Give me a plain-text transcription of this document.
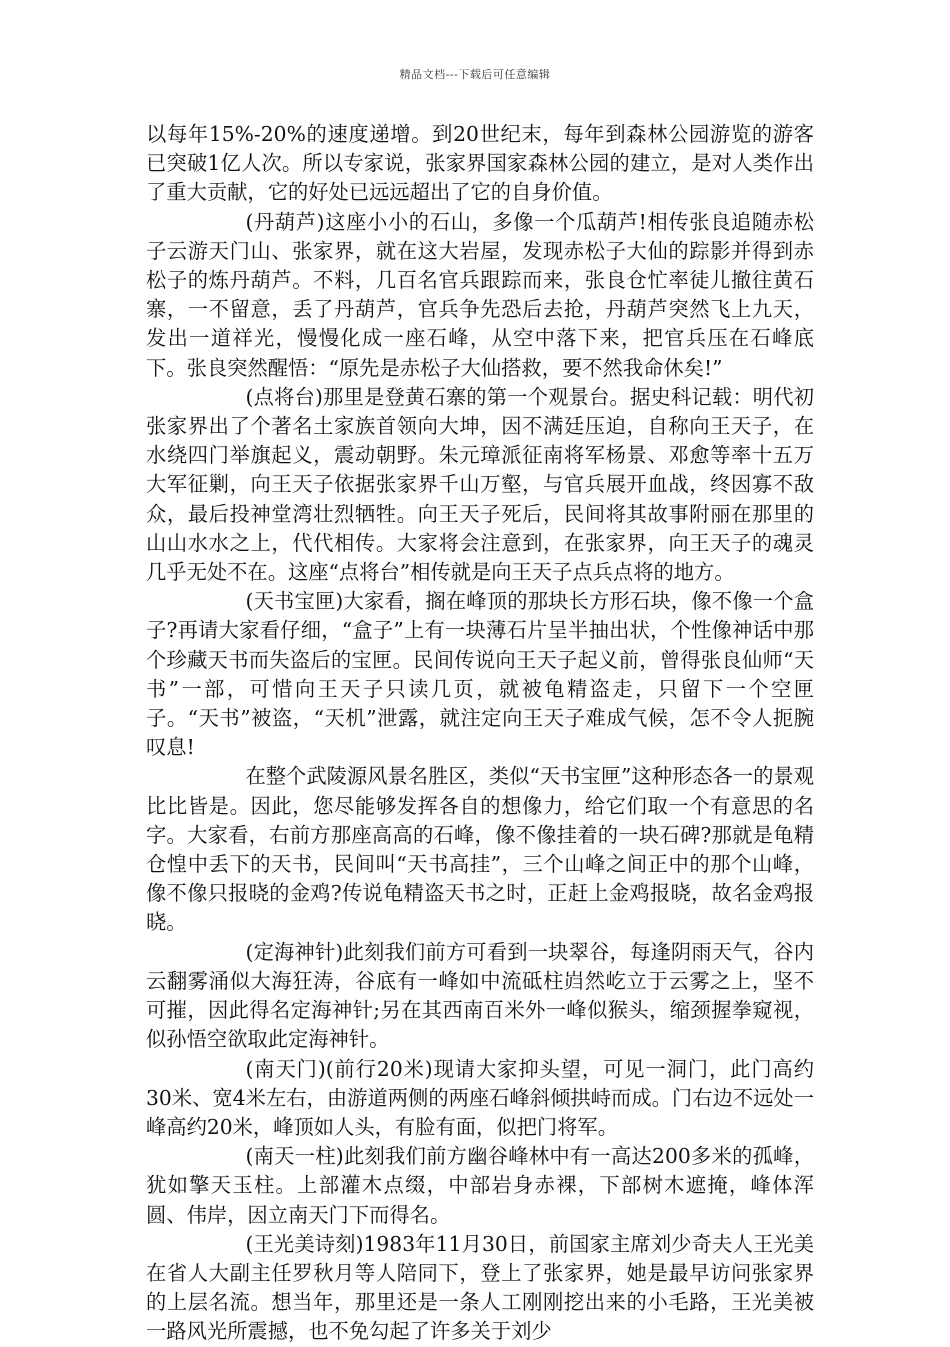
精品文档---下载后可任意编辑

以每年15%-20%的速度递增。到20世纪末，每年到森林公园游览的游客已突破1亿人次。所以专家说，张家界国家森林公园的建立，是对人类作出了重大贡献，它的好处已远远超出了它的自身价值。

(丹葫芦)这座小小的石山，多像一个瓜葫芦!相传张良追随赤松子云游天门山、张家界，就在这大岩屋，发现赤松子大仙的踪影并得到赤松子的炼丹葫芦。不料，几百名官兵跟踪而来，张良仓忙率徒儿撤往黄石寨，一不留意，丢了丹葫芦，官兵争先恐后去抢，丹葫芦突然飞上九天，发出一道祥光，慢慢化成一座石峰，从空中落下来，把官兵压在石峰底下。张良突然醒悟：“原先是赤松子大仙搭救，要不然我命休矣!”

(点将台)那里是登黄石寨的第一个观景台。据史科记载：明代初张家界出了个著名土家族首领向大坤，因不满廷压迫，自称向王天子，在水绕四门举旗起义，震动朝野。朱元璋派征南将军杨景、邓愈等率十五万大军征剿，向王天子依据张家界千山万壑，与官兵展开血战，终因寡不敌众，最后投神堂湾壮烈牺牲。向王天子死后，民间将其故事附丽在那里的山山水水之上，代代相传。大家将会注意到，在张家界，向王天子的魂灵几乎无处不在。这座“点将台”相传就是向王天子点兵点将的地方。

(天书宝匣)大家看，搁在峰顶的那块长方形石块，像不像一个盒子?再请大家看仔细，“盒子”上有一块薄石片呈半抽出状，个性像神话中那个珍藏天书而失盗后的宝匣。民间传说向王天子起义前，曾得张良仙师“天书”一部，可惜向王天子只读几页，就被龟精盗走，只留下一个空匣子。“天书”被盗，“天机”泄露，就注定向王天子难成气候，怎不令人扼腕叹息!

在整个武陵源风景名胜区，类似“天书宝匣”这种形态各一的景观比比皆是。因此，您尽能够发挥各自的想像力，给它们取一个有意思的名字。大家看，右前方那座高高的石峰，像不像挂着的一块石碑?那就是龟精仓惶中丢下的天书，民间叫“天书高挂”，三个山峰之间正中的那个山峰，像不像只报晓的金鸡?传说龟精盗天书之时，正赶上金鸡报晓，故名金鸡报晓。

(定海神针)此刻我们前方可看到一块翠谷，每逢阴雨天气，谷内云翻雾涌似大海狂涛，谷底有一峰如中流砥柱岿然屹立于云雾之上，坚不可摧，因此得名定海神针;另在其西南百米外一峰似猴头，缩颈握拳窥视，似孙悟空欲取此定海神针。

(南天门)(前行20米)现请大家抑头望，可见一洞门，此门高约30米、宽4米左右，由游道两侧的两座石峰斜倾拱峙而成。门右边不远处一峰高约20米，峰顶如人头，有脸有面，似把门将军。

(南天一柱)此刻我们前方幽谷峰林中有一高达200多米的孤峰，犹如擎天玉柱。上部灌木点缀，中部岩身赤裸，下部树木遮掩，峰体浑圆、伟岸，因立南天门下而得名。

(王光美诗刻)1983年11月30日，前国家主席刘少奇夫人王光美在省人大副主任罗秋月等人陪同下，登上了张家界，她是最早访问张家界的上层名流。想当年，那里还是一条人工刚刚挖出来的小毛路，王光美被一路风光所震撼，也不免勾起了许多关于刘少
